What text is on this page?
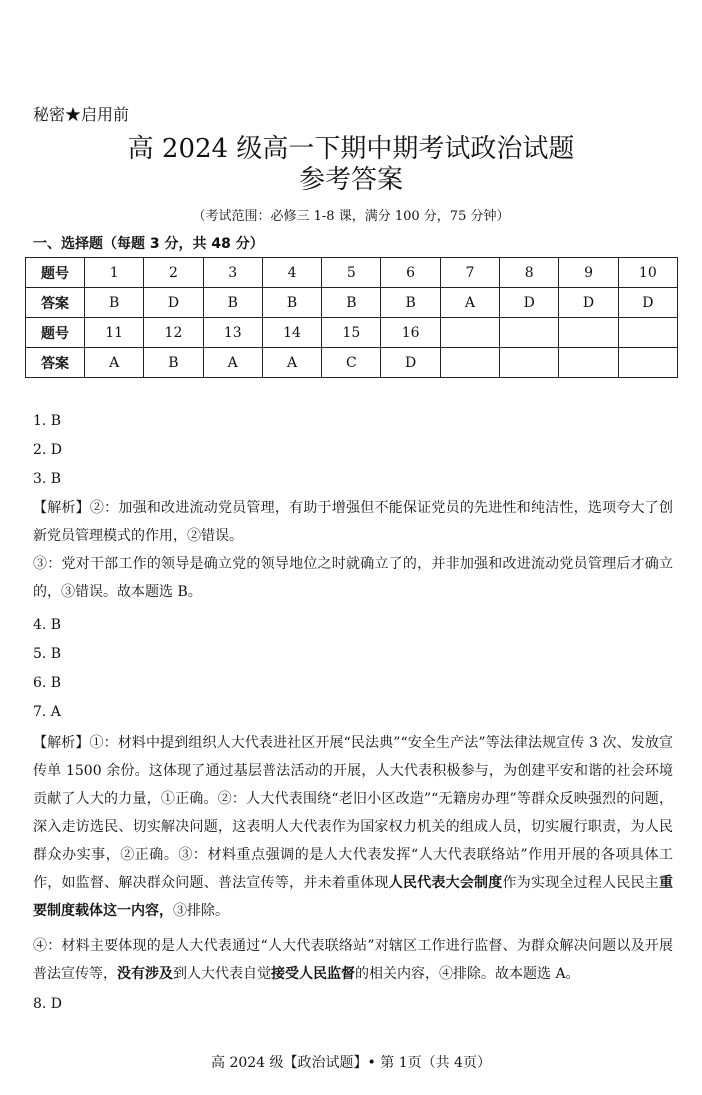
秘密★启用前
高 2024 级高一下期中期考试政治试题
参考答案
（考试范围：必修三 1-8 课，满分 100 分，75 分钟）
一、选择题（每题 3 分，共 48 分）
题号	1	2	3	4	5	6	7	8	9	10
答案	B	D	B	B	B	B	A	D	D	D
题号	11	12	13	14	15	16				
答案	A	B	A	A	C	D				
1. B
2. D
3. B
【解析】②：加强和改进流动党员管理，有助于增强但不能保证党员的先进性和纯洁性，选项夸大了创新党员管理模式的作用，②错误。
③：党对干部工作的领导是确立党的领导地位之时就确立了的，并非加强和改进流动党员管理后才确立的，③错误。故本题选 B。
4. B
5. B
6. B
7. A
【解析】①：材料中提到组织人大代表进社区开展“民法典”“安全生产法”等法律法规宣传 3 次、发放宣传单 1500 余份。这体现了通过基层普法活动的开展，人大代表积极参与，为创建平安和谐的社会环境贡献了人大的力量，①正确。②：人大代表围绕“老旧小区改造”“无籍房办理”等群众反映强烈的问题，深入走访选民、切实解决问题，这表明人大代表作为国家权力机关的组成人员，切实履行职责，为人民群众办实事，②正确。③：材料重点强调的是人大代表发挥“人大代表联络站”作用开展的各项具体工作，如监督、解决群众问题、普法宣传等，并未着重体现人民代表大会制度作为实现全过程人民民主重要制度载体这一内容，③排除。
④：材料主要体现的是人大代表通过“人大代表联络站”对辖区工作进行监督、为群众解决问题以及开展普法宣传等，没有涉及到人大代表自觉接受人民监督的相关内容，④排除。故本题选 A。
8. D
高 2024 级【政治试题】• 第 1页（共 4页）
